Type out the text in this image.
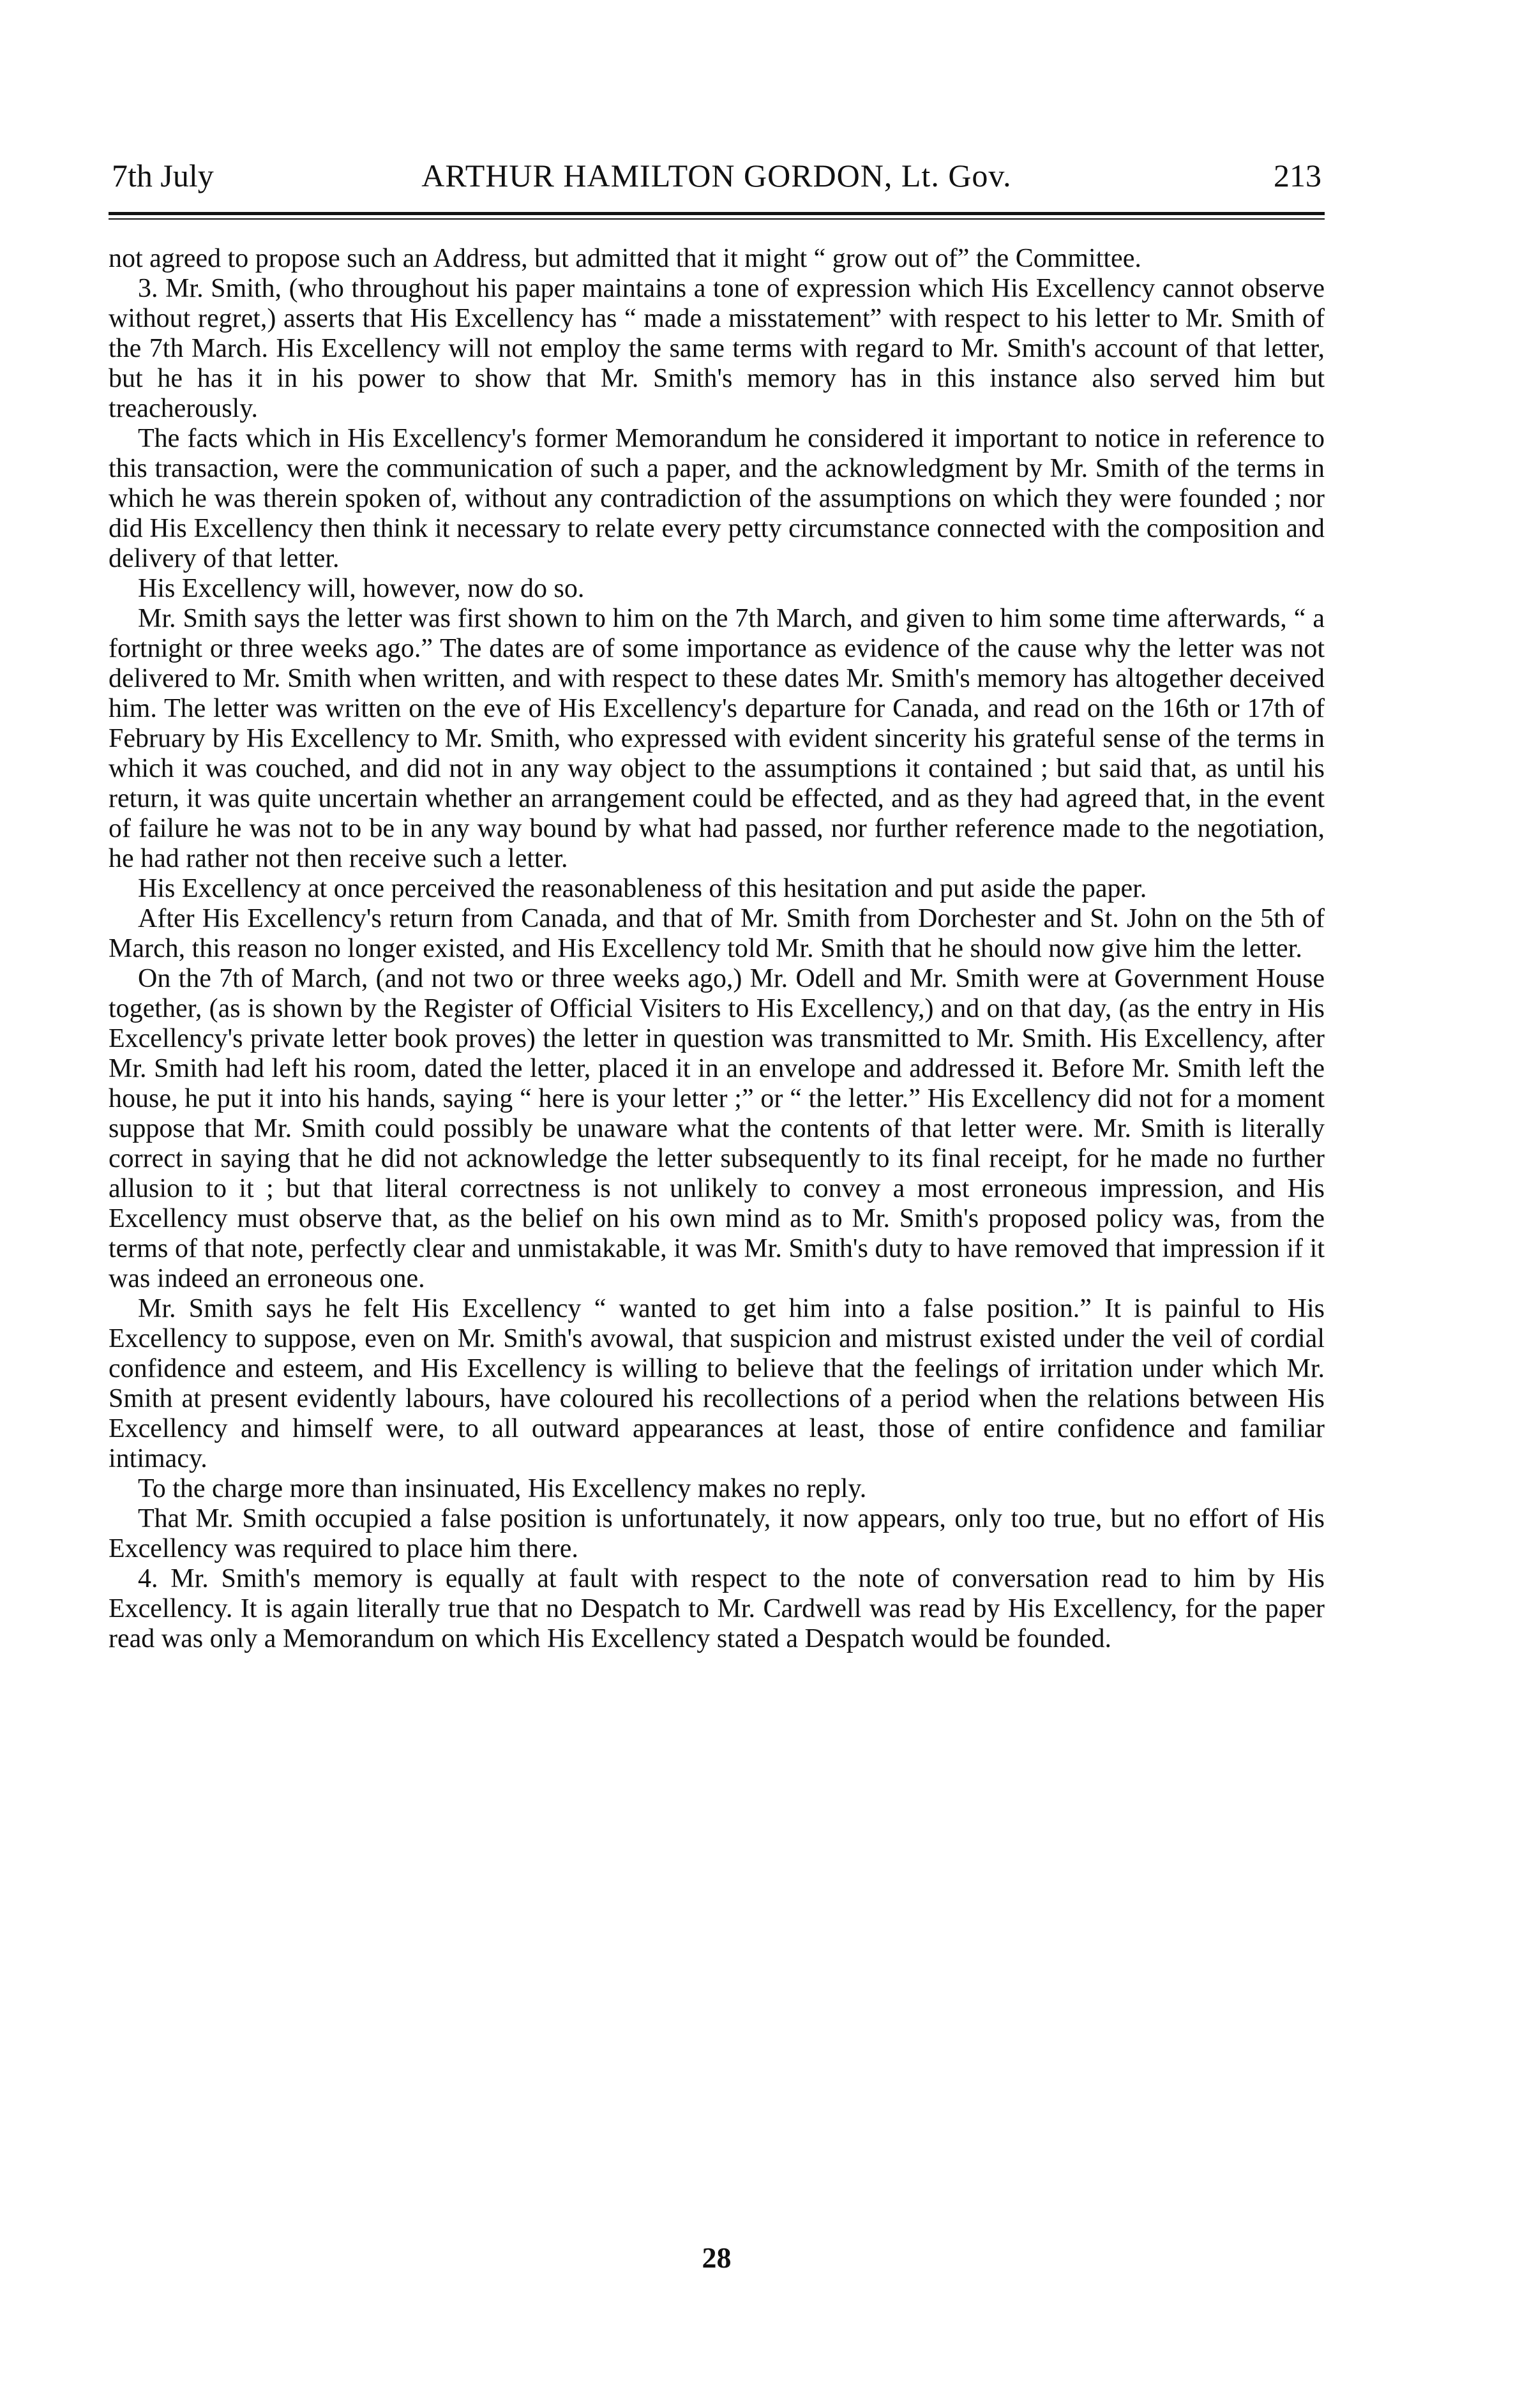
7th July	ARTHUR HAMILTON GORDON, Lt. Gov.	213

not agreed to propose such an Address, but admitted that it might “ grow out of” the Committee.

3. Mr. Smith, (who throughout his paper maintains a tone of expression which His Excellency cannot observe without regret,) asserts that His Excellency has “ made a misstatement” with respect to his letter to Mr. Smith of the 7th March. His Excellency will not employ the same terms with regard to Mr. Smith's account of that letter, but he has it in his power to show that Mr. Smith's memory has in this instance also served him but treacherously.

The facts which in His Excellency's former Memorandum he considered it important to notice in reference to this transaction, were the communication of such a paper, and the acknowledgment by Mr. Smith of the terms in which he was therein spoken of, without any contradiction of the assumptions on which they were founded ; nor did His Excellency then think it necessary to relate every petty circumstance connected with the composition and delivery of that letter.

His Excellency will, however, now do so.

Mr. Smith says the letter was first shown to him on the 7th March, and given to him some time afterwards, “ a fortnight or three weeks ago.” The dates are of some importance as evidence of the cause why the letter was not delivered to Mr. Smith when written, and with respect to these dates Mr. Smith's memory has altogether deceived him. The letter was written on the eve of His Excellency's departure for Canada, and read on the 16th or 17th of February by His Excellency to Mr. Smith, who expressed with evident sincerity his grateful sense of the terms in which it was couched, and did not in any way object to the assumptions it contained ; but said that, as until his return, it was quite uncertain whether an arrangement could be effected, and as they had agreed that, in the event of failure he was not to be in any way bound by what had passed, nor further reference made to the negotiation, he had rather not then receive such a letter.

His Excellency at once perceived the reasonableness of this hesitation and put aside the paper.

After His Excellency's return from Canada, and that of Mr. Smith from Dorchester and St. John on the 5th of March, this reason no longer existed, and His Excellency told Mr. Smith that he should now give him the letter.

On the 7th of March, (and not two or three weeks ago,) Mr. Odell and Mr. Smith were at Government House together, (as is shown by the Register of Official Visiters to His Excellency,) and on that day, (as the entry in His Excellency's private letter book proves) the letter in question was transmitted to Mr. Smith. His Excellency, after Mr. Smith had left his room, dated the letter, placed it in an envelope and addressed it. Before Mr. Smith left the house, he put it into his hands, saying “ here is your letter ;” or “ the letter.” His Excellency did not for a moment suppose that Mr. Smith could possibly be unaware what the contents of that letter were. Mr. Smith is literally correct in saying that he did not acknowledge the letter subsequently to its final receipt, for he made no further allusion to it ; but that literal correctness is not unlikely to convey a most erroneous impression, and His Excellency must observe that, as the belief on his own mind as to Mr. Smith's proposed policy was, from the terms of that note, perfectly clear and unmistakable, it was Mr. Smith's duty to have removed that impression if it was indeed an erroneous one.

Mr. Smith says he felt His Excellency “ wanted to get him into a false position.” It is painful to His Excellency to suppose, even on Mr. Smith's avowal, that suspicion and mistrust existed under the veil of cordial confidence and esteem, and His Excellency is willing to believe that the feelings of irritation under which Mr. Smith at present evidently labours, have coloured his recollections of a period when the relations between His Excellency and himself were, to all outward appearances at least, those of entire confidence and familiar intimacy.

To the charge more than insinuated, His Excellency makes no reply.

That Mr. Smith occupied a false position is unfortunately, it now appears, only too true, but no effort of His Excellency was required to place him there.

4. Mr. Smith's memory is equally at fault with respect to the note of conversation read to him by His Excellency. It is again literally true that no Despatch to Mr. Cardwell was read by His Excellency, for the paper read was only a Memorandum on which His Excellency stated a Despatch would be founded.

28
